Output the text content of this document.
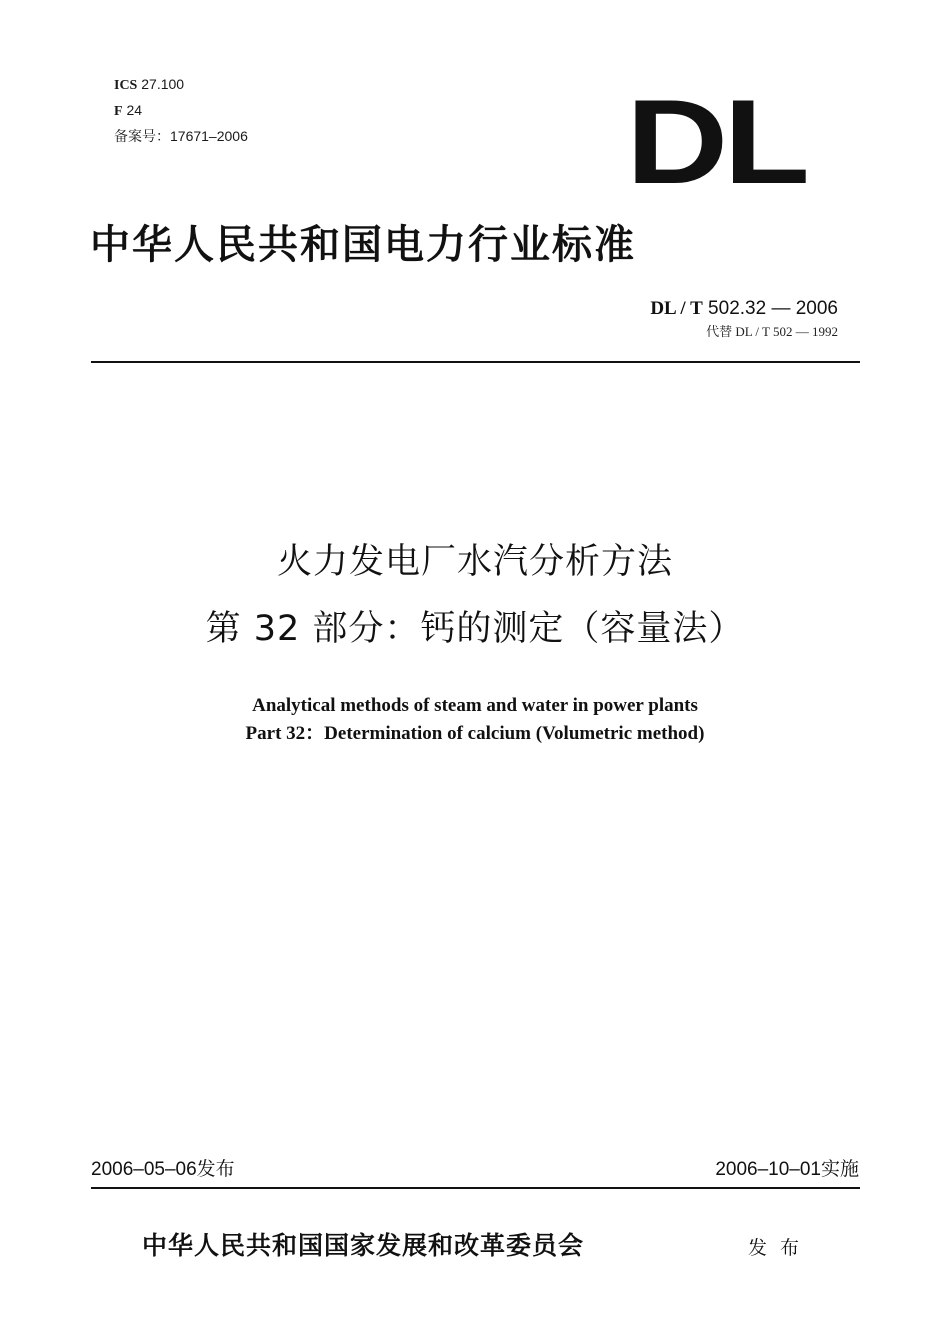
ICS 27.100
F 24
备案号：17671–2006	DL
中华人民共和国电力行业标准
DL / T 502.32 — 2006
代替 DL / T 502 — 1992
火力发电厂水汽分析方法
第 32 部分：钙的测定（容量法）
Analytical methods of steam and water in power plants
Part 32：Determination of calcium (Volumetric method)
2006–05–06发布	2006–10–01实施
中华人民共和国国家发展和改革委员会	发布
